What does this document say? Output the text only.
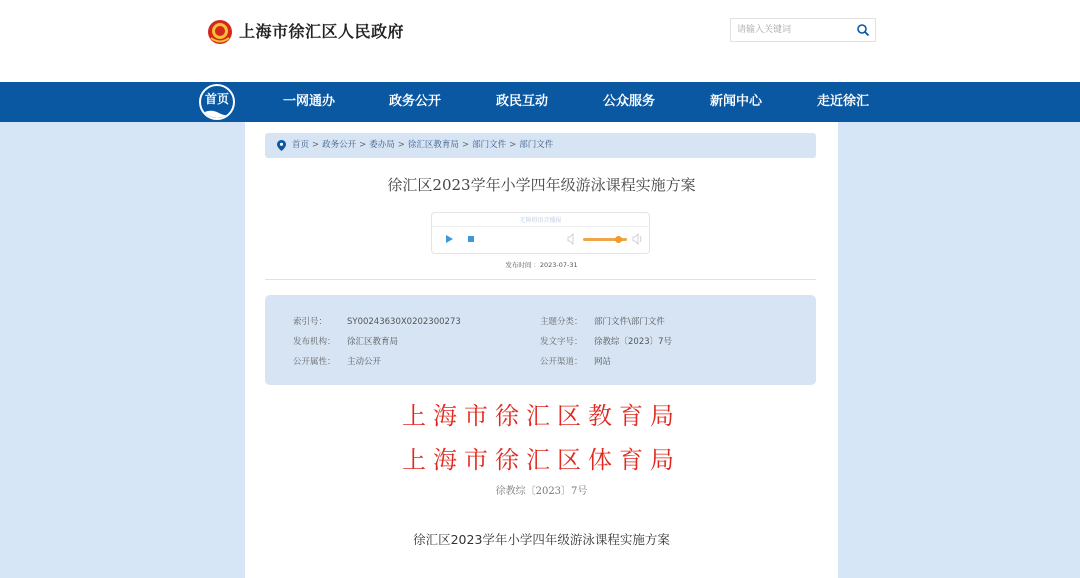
上海市徐汇区人民政府
请输入关键词
首页	一网通办	政务公开	政民互动	公众服务	新闻中心	走近徐汇
首页 > 政务公开 > 委办局 > 徐汇区教育局 > 部门文件 > 部门文件
徐汇区2023学年小学四年级游泳课程实施方案
无障碍语音播报
发布时间 ：2023-07-31
索引号： SY00243630X0202300273	主题分类： 部门文件\部门文件
发布机构： 徐汇区教育局	发文字号： 徐教综〔2023〕7号
公开属性： 主动公开	公开渠道： 网站
上海市徐汇区教育局
上海市徐汇区体育局
徐教综〔2023〕7号
徐汇区2023学年小学四年级游泳课程实施方案
